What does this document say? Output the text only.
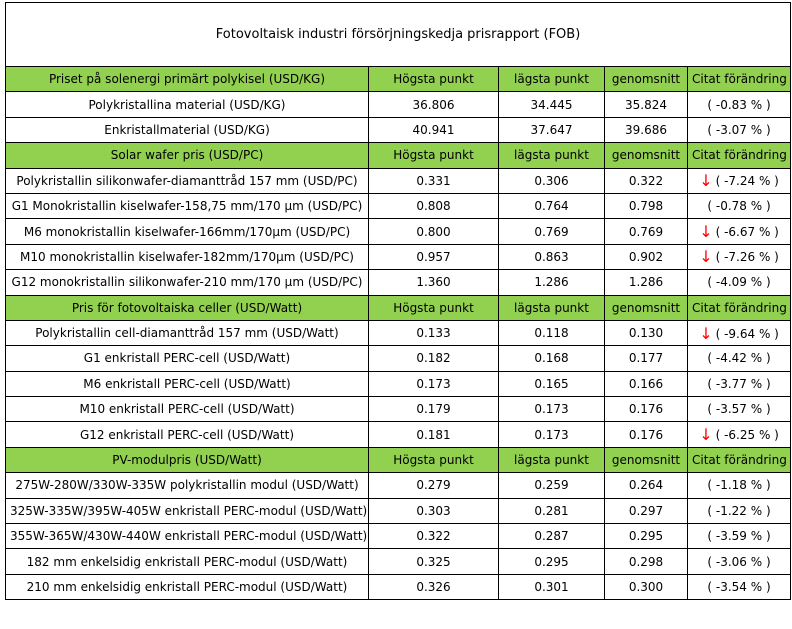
Fotovoltaisk industri försörjningskedja prisrapport (FOB)				
Priset på solenergi primärt polykisel (USD/KG)	Högsta punkt	lägsta punkt	genomsnitt	Citat förändring
Polykristallina material (USD/KG)	36.806	34.445	35.824	( -0.83 % )
Enkristallmaterial (USD/KG)	40.941	37.647	39.686	( -3.07 % )
Solar wafer pris (USD/PC)	Högsta punkt	lägsta punkt	genomsnitt	Citat förändring
Polykristallin silikonwafer-diamanttråd 157 mm (USD/PC)	0.331	0.306	0.322	↓ ( -7.24 % )
G1 Monokristallin kiselwafer-158,75 mm/170 μm (USD/PC)	0.808	0.764	0.798	( -0.78 % )
M6 monokristallin kiselwafer-166mm/170μm (USD/PC)	0.800	0.769	0.769	↓ ( -6.67 % )
M10 monokristallin kiselwafer-182mm/170μm (USD/PC)	0.957	0.863	0.902	↓ ( -7.26 % )
G12 monokristallin silikonwafer-210 mm/170 μm (USD/PC)	1.360	1.286	1.286	( -4.09 % )
Pris för fotovoltaiska celler (USD/Watt)	Högsta punkt	lägsta punkt	genomsnitt	Citat förändring
Polykristallin cell-diamanttråd 157 mm (USD/Watt)	0.133	0.118	0.130	↓ ( -9.64 % )
G1 enkristall PERC-cell (USD/Watt)	0.182	0.168	0.177	( -4.42 % )
M6 enkristall PERC-cell (USD/Watt)	0.173	0.165	0.166	( -3.77 % )
M10 enkristall PERC-cell (USD/Watt)	0.179	0.173	0.176	( -3.57 % )
G12 enkristall PERC-cell (USD/Watt)	0.181	0.173	0.176	↓ ( -6.25 % )
PV-modulpris (USD/Watt)	Högsta punkt	lägsta punkt	genomsnitt	Citat förändring
275W-280W/330W-335W polykristallin modul (USD/Watt)	0.279	0.259	0.264	( -1.18 % )
325W-335W/395W-405W enkristall PERC-modul (USD/Watt)	0.303	0.281	0.297	( -1.22 % )
355W-365W/430W-440W enkristall PERC-modul (USD/Watt)	0.322	0.287	0.295	( -3.59 % )
182 mm enkelsidig enkristall PERC-modul (USD/Watt)	0.325	0.295	0.298	( -3.06 % )
210 mm enkelsidig enkristall PERC-modul (USD/Watt)	0.326	0.301	0.300	( -3.54 % )
